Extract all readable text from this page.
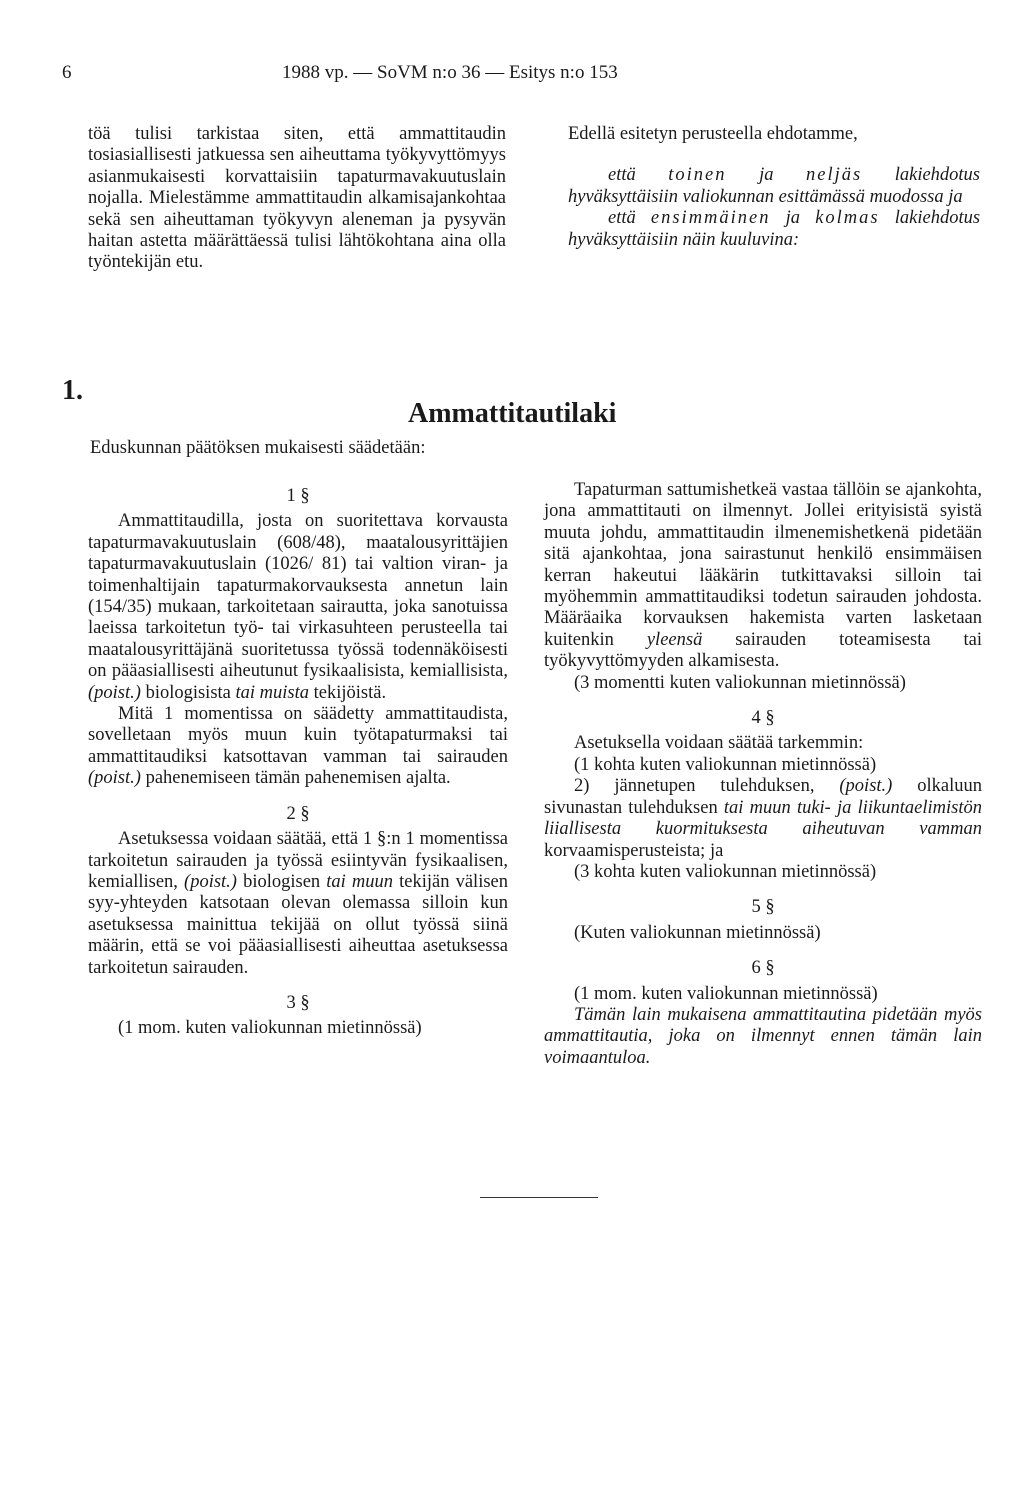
6	1988 vp. — SoVM n:o 36 — Esitys n:o 153

töä tulisi tarkistaa siten, että ammattitaudin tosiasiallisesti jatkuessa sen aiheuttama työkyvyttömyys asianmukaisesti korvattaisiin tapaturmavakuutuslain nojalla. Mielestämme ammattitaudin alkamisajankohtaa sekä sen aiheuttaman työkyvyn aleneman ja pysyvän haitan astetta määrättäessä tulisi lähtökohtana aina olla työntekijän etu.

Edellä esitetyn perusteella ehdotamme,

että toinen ja neljäs lakiehdotus hyväksyttäisiin valiokunnan esittämässä muodossa ja

että ensimmäinen ja kolmas lakiehdotus hyväksyttäisiin näin kuuluvina:

1.
Ammattitautilaki
Eduskunnan päätöksen mukaisesti säädetään:

1 §

Ammattitaudilla, josta on suoritettava korvausta tapaturmavakuutuslain (608/48), maatalousyrittäjien tapaturmavakuutuslain (1026/ 81) tai valtion viran- ja toimenhaltijain tapaturmakorvauksesta annetun lain (154/35) mukaan, tarkoitetaan sairautta, joka sanotuissa laeissa tarkoitetun työ- tai virkasuhteen perusteella tai maatalousyrittäjänä suoritetussa työssä todennäköisesti on pääasiallisesti aiheutunut fysikaalisista, kemiallisista, (poist.) biologisista tai muista tekijöistä.

Mitä 1 momentissa on säädetty ammattitaudista, sovelletaan myös muun kuin työtapaturmaksi tai ammattitaudiksi katsottavan vamman tai sairauden (poist.) pahenemiseen tämän pahenemisen ajalta.

2 §

Asetuksessa voidaan säätää, että 1 §:n 1 momentissa tarkoitetun sairauden ja työssä esiintyvän fysikaalisen, kemiallisen, (poist.) biologisen tai muun tekijän välisen syy-yhteyden katsotaan olevan olemassa silloin kun asetuksessa mainittua tekijää on ollut työssä siinä määrin, että se voi pääasiallisesti aiheuttaa asetuksessa tarkoitetun sairauden.

3 §

(1 mom. kuten valiokunnan mietinnössä)

Tapaturman sattumishetkeä vastaa tällöin se ajankohta, jona ammattitauti on ilmennyt. Jollei erityisistä syistä muuta johdu, ammattitaudin ilmenemishetkenä pidetään sitä ajankohtaa, jona sairastunut henkilö ensimmäisen kerran hakeutui lääkärin tutkittavaksi silloin tai myöhemmin ammattitaudiksi todetun sairauden johdosta. Määräaika korvauksen hakemista varten lasketaan kuitenkin yleensä sairauden toteamisesta tai työkyvyttömyyden alkamisesta.

(3 momentti kuten valiokunnan mietinnössä)

4 §

Asetuksella voidaan säätää tarkemmin:

(1 kohta kuten valiokunnan mietinnössä)

2) jännetupen tulehduksen, (poist.) olkaluun sivunastan tulehduksen tai muun tuki- ja liikuntaelimistön liiallisesta kuormituksesta aiheutuvan vamman korvaamisperusteista; ja

(3 kohta kuten valiokunnan mietinnössä)

5 §

(Kuten valiokunnan mietinnössä)

6 §

(1 mom. kuten valiokunnan mietinnössä)

Tämän lain mukaisena ammattitautina pidetään myös ammattitautia, joka on ilmennyt ennen tämän lain voimaantuloa.
